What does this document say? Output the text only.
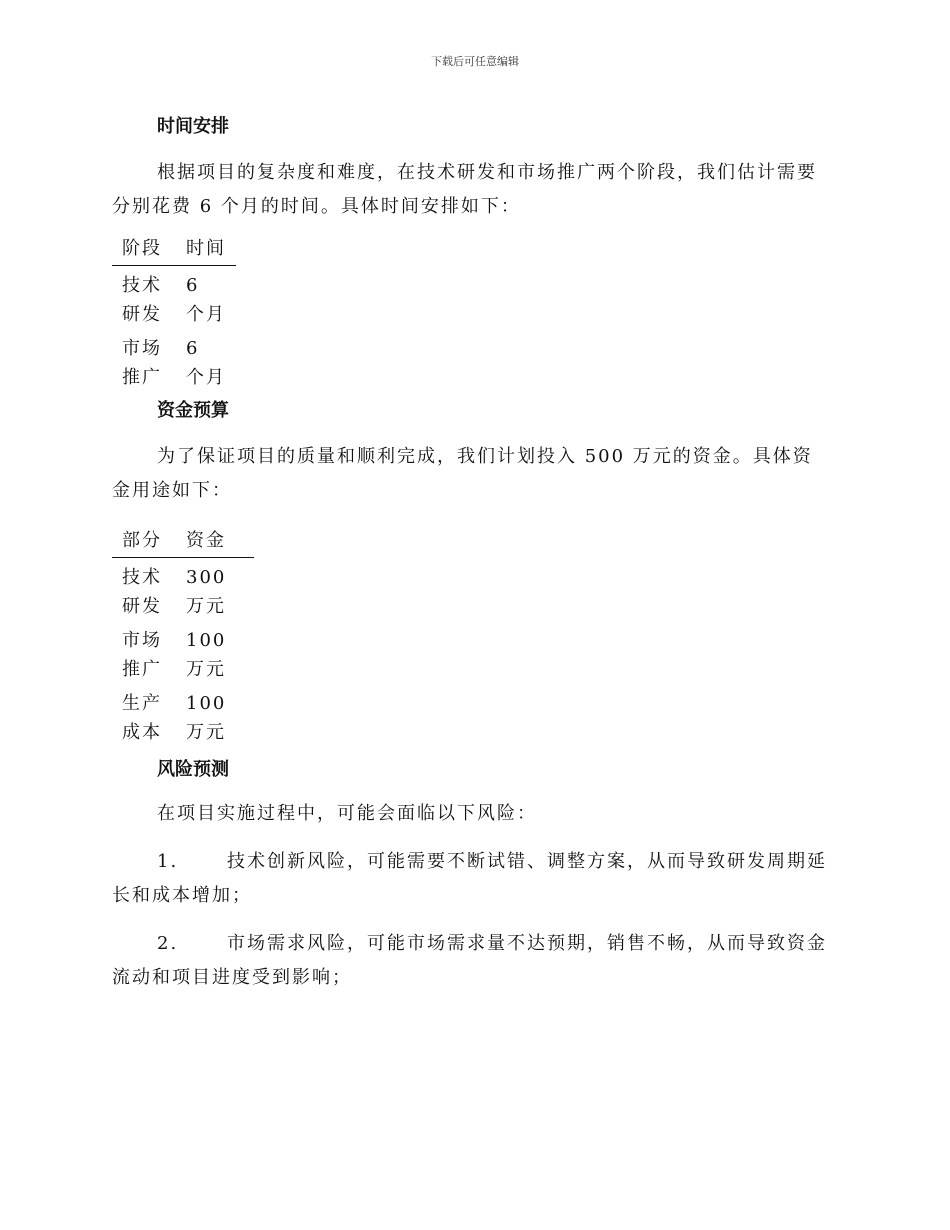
下载后可任意编辑
时间安排

根据项目的复杂度和难度，在技术研发和市场推广两个阶段，我们估计需要分别花费 6 个月的时间。具体时间安排如下：

阶段	时间
技术研发	6 个月
市场推广	6 个月
资金预算

为了保证项目的质量和顺利完成，我们计划投入 500 万元的资金。具体资金用途如下：

部分	资金
技术研发	300 万元
市场推广	100 万元
生产成本	100 万元
风险预测

在项目实施过程中，可能会面临以下风险：

1.	技术创新风险，可能需要不断试错、调整方案，从而导致研发周期延长和成本增加；

2.	市场需求风险，可能市场需求量不达预期，销售不畅，从而导致资金流动和项目进度受到影响；
